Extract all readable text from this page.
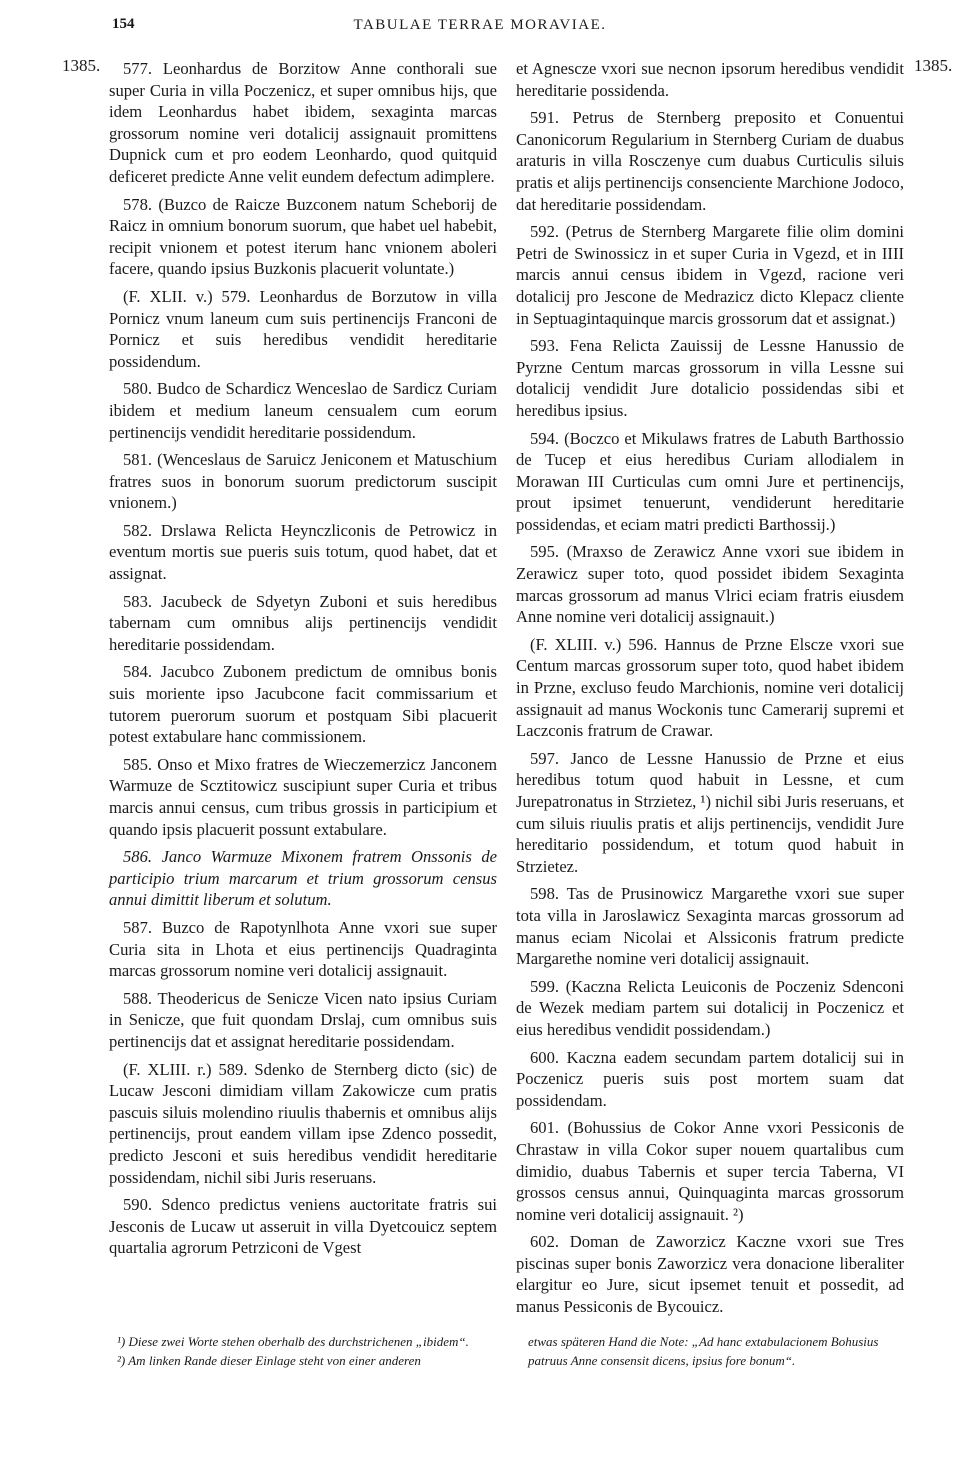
154	TABULAE TERRAE MORAVIAE.
1385.	1385.

577. Leonhardus de Borzitow Anne conthorali sue super Curia in villa Poczenicz, et super omnibus hijs, que idem Leonhardus habet ibidem, sexaginta marcas grossorum nomine veri dotalicij assignauit promittens Dupnick cum et pro eodem Leonhardo, quod quitquid deficeret predicte Anne velit eundem defectum adimplere.

578. (Buzco de Raicze Buzconem natum Scheborij de Raicz in omnium bonorum suorum, que habet uel habebit, recipit vnionem et potest iterum hanc vnionem aboleri facere, quando ipsius Buzkonis placuerit voluntate.)

(F. XLII. v.) 579. Leonhardus de Borzutow in villa Pornicz vnum laneum cum suis pertinencijs Franconi de Pornicz et suis heredibus vendidit hereditarie possidendum.

580. Budco de Schardicz Wenceslao de Sardicz Curiam ibidem et medium laneum censualem cum eorum pertinencijs vendidit hereditarie possidendum.

581. (Wenceslaus de Saruicz Jeniconem et Matuschium fratres suos in bonorum suorum predictorum suscipit vnionem.)

582. Drslawa Relicta Heynczliconis de Petrowicz in eventum mortis sue pueris suis totum, quod habet, dat et assignat.

583. Jacubeck de Sdyetyn Zuboni et suis heredibus tabernam cum omnibus alijs pertinencijs vendidit hereditarie possidendam.

584. Jacubco Zubonem predictum de omnibus bonis suis moriente ipso Jacubcone facit commissarium et tutorem puerorum suorum et postquam Sibi placuerit potest extabulare hanc commissionem.

585. Onso et Mixo fratres de Wieczemerzicz Janconem Warmuze de Scztitowicz suscipiunt super Curia et tribus marcis annui census, cum tribus grossis in participium et quando ipsis placuerit possunt extabulare.

586. Janco Warmuze Mixonem fratrem Onssonis de participio trium marcarum et trium grossorum census annui dimittit liberum et solutum.

587. Buzco de Rapotynlhota Anne vxori sue super Curia sita in Lhota et eius pertinencijs Quadraginta marcas grossorum nomine veri dotalicij assignauit.

588. Theodericus de Senicze Vicen nato ipsius Curiam in Senicze, que fuit quondam Drslaj, cum omnibus suis pertinencijs dat et assignat hereditarie possidendam.

(F. XLIII. r.) 589. Sdenko de Sternberg dicto (sic) de Lucaw Jesconi dimidiam villam Zakowicze cum pratis pascuis siluis molendino riuulis thabernis et omnibus alijs pertinencijs, prout eandem villam ipse Zdenco possedit, predicto Jesconi et suis heredibus vendidit hereditarie possidendam, nichil sibi Juris reseruans.

590. Sdenco predictus veniens auctoritate fratris sui Jesconis de Lucaw ut asseruit in villa Dyetcouicz septem quartalia agrorum Petrziconi de Vgest

et Agnescze vxori sue necnon ipsorum heredibus vendidit hereditarie possidenda.

591. Petrus de Sternberg preposito et Conuentui Canonicorum Regularium in Sternberg Curiam de duabus araturis in villa Rosczenye cum duabus Curticulis siluis pratis et alijs pertinencijs consenciente Marchione Jodoco, dat hereditarie possidendam.

592. (Petrus de Sternberg Margarete filie olim domini Petri de Swinossicz in et super Curia in Vgezd, et in IIII marcis annui census ibidem in Vgezd, racione veri dotalicij pro Jescone de Medrazicz dicto Klepacz cliente in Septuagintaquinque marcis grossorum dat et assignat.)

593. Fena Relicta Zauissij de Lessne Hanussio de Pyrzne Centum marcas grossorum in villa Lessne sui dotalicij vendidit Jure dotalicio possidendas sibi et heredibus ipsius.

594. (Boczco et Mikulaws fratres de Labuth Barthossio de Tucep et eius heredibus Curiam allodialem in Morawan III Curticulas cum omni Jure et pertinencijs, prout ipsimet tenuerunt, vendiderunt hereditarie possidendas, et eciam matri predicti Barthossij.)

595. (Mraxso de Zerawicz Anne vxori sue ibidem in Zerawicz super toto, quod possidet ibidem Sexaginta marcas grossorum ad manus Vlrici eciam fratris eiusdem Anne nomine veri dotalicij assignauit.)

(F. XLIII. v.) 596. Hannus de Przne Elscze vxori sue Centum marcas grossorum super toto, quod habet ibidem in Przne, excluso feudo Marchionis, nomine veri dotalicij assignauit ad manus Wockonis tunc Camerarij supremi et Laczconis fratrum de Crawar.

597. Janco de Lessne Hanussio de Przne et eius heredibus totum quod habuit in Lessne, et cum Jurepatronatus in Strzietez, ¹) nichil sibi Juris reseruans, et cum siluis riuulis pratis et alijs pertinencijs, vendidit Jure hereditario possidendum, et totum quod habuit in Strzietez.

598. Tas de Prusinowicz Margarethe vxori sue super tota villa in Jaroslawicz Sexaginta marcas grossorum ad manus eciam Nicolai et Alssiconis fratrum predicte Margarethe nomine veri dotalicij assignauit.

599. (Kaczna Relicta Leuiconis de Poczeniz Sdenconi de Wezek mediam partem sui dotalicij in Poczenicz et eius heredibus vendidit possidendam.)

600. Kaczna eadem secundam partem dotalicij sui in Poczenicz pueris suis post mortem suam dat possidendam.

601. (Bohussius de Cokor Anne vxori Pessiconis de Chrastaw in villa Cokor super nouem quartalibus cum dimidio, duabus Tabernis et super tercia Taberna, VI grossos census annui, Quinquaginta marcas grossorum nomine veri dotalicij assignauit. ²)

602. Doman de Zaworzicz Kaczne vxori sue Tres piscinas super bonis Zaworzicz vera donacione liberaliter elargitur eo Jure, sicut ipsemet tenuit et possedit, ad manus Pessiconis de Bycouicz.

¹) Diese zwei Worte stehen oberhalb des durchstrichenen „ibidem“.

²) Am linken Rande dieser Einlage steht von einer anderen

etwas späteren Hand die Note: „Ad hanc extabulacionem Bohusius patruus Anne consensit dicens, ipsius fore bonum“.
